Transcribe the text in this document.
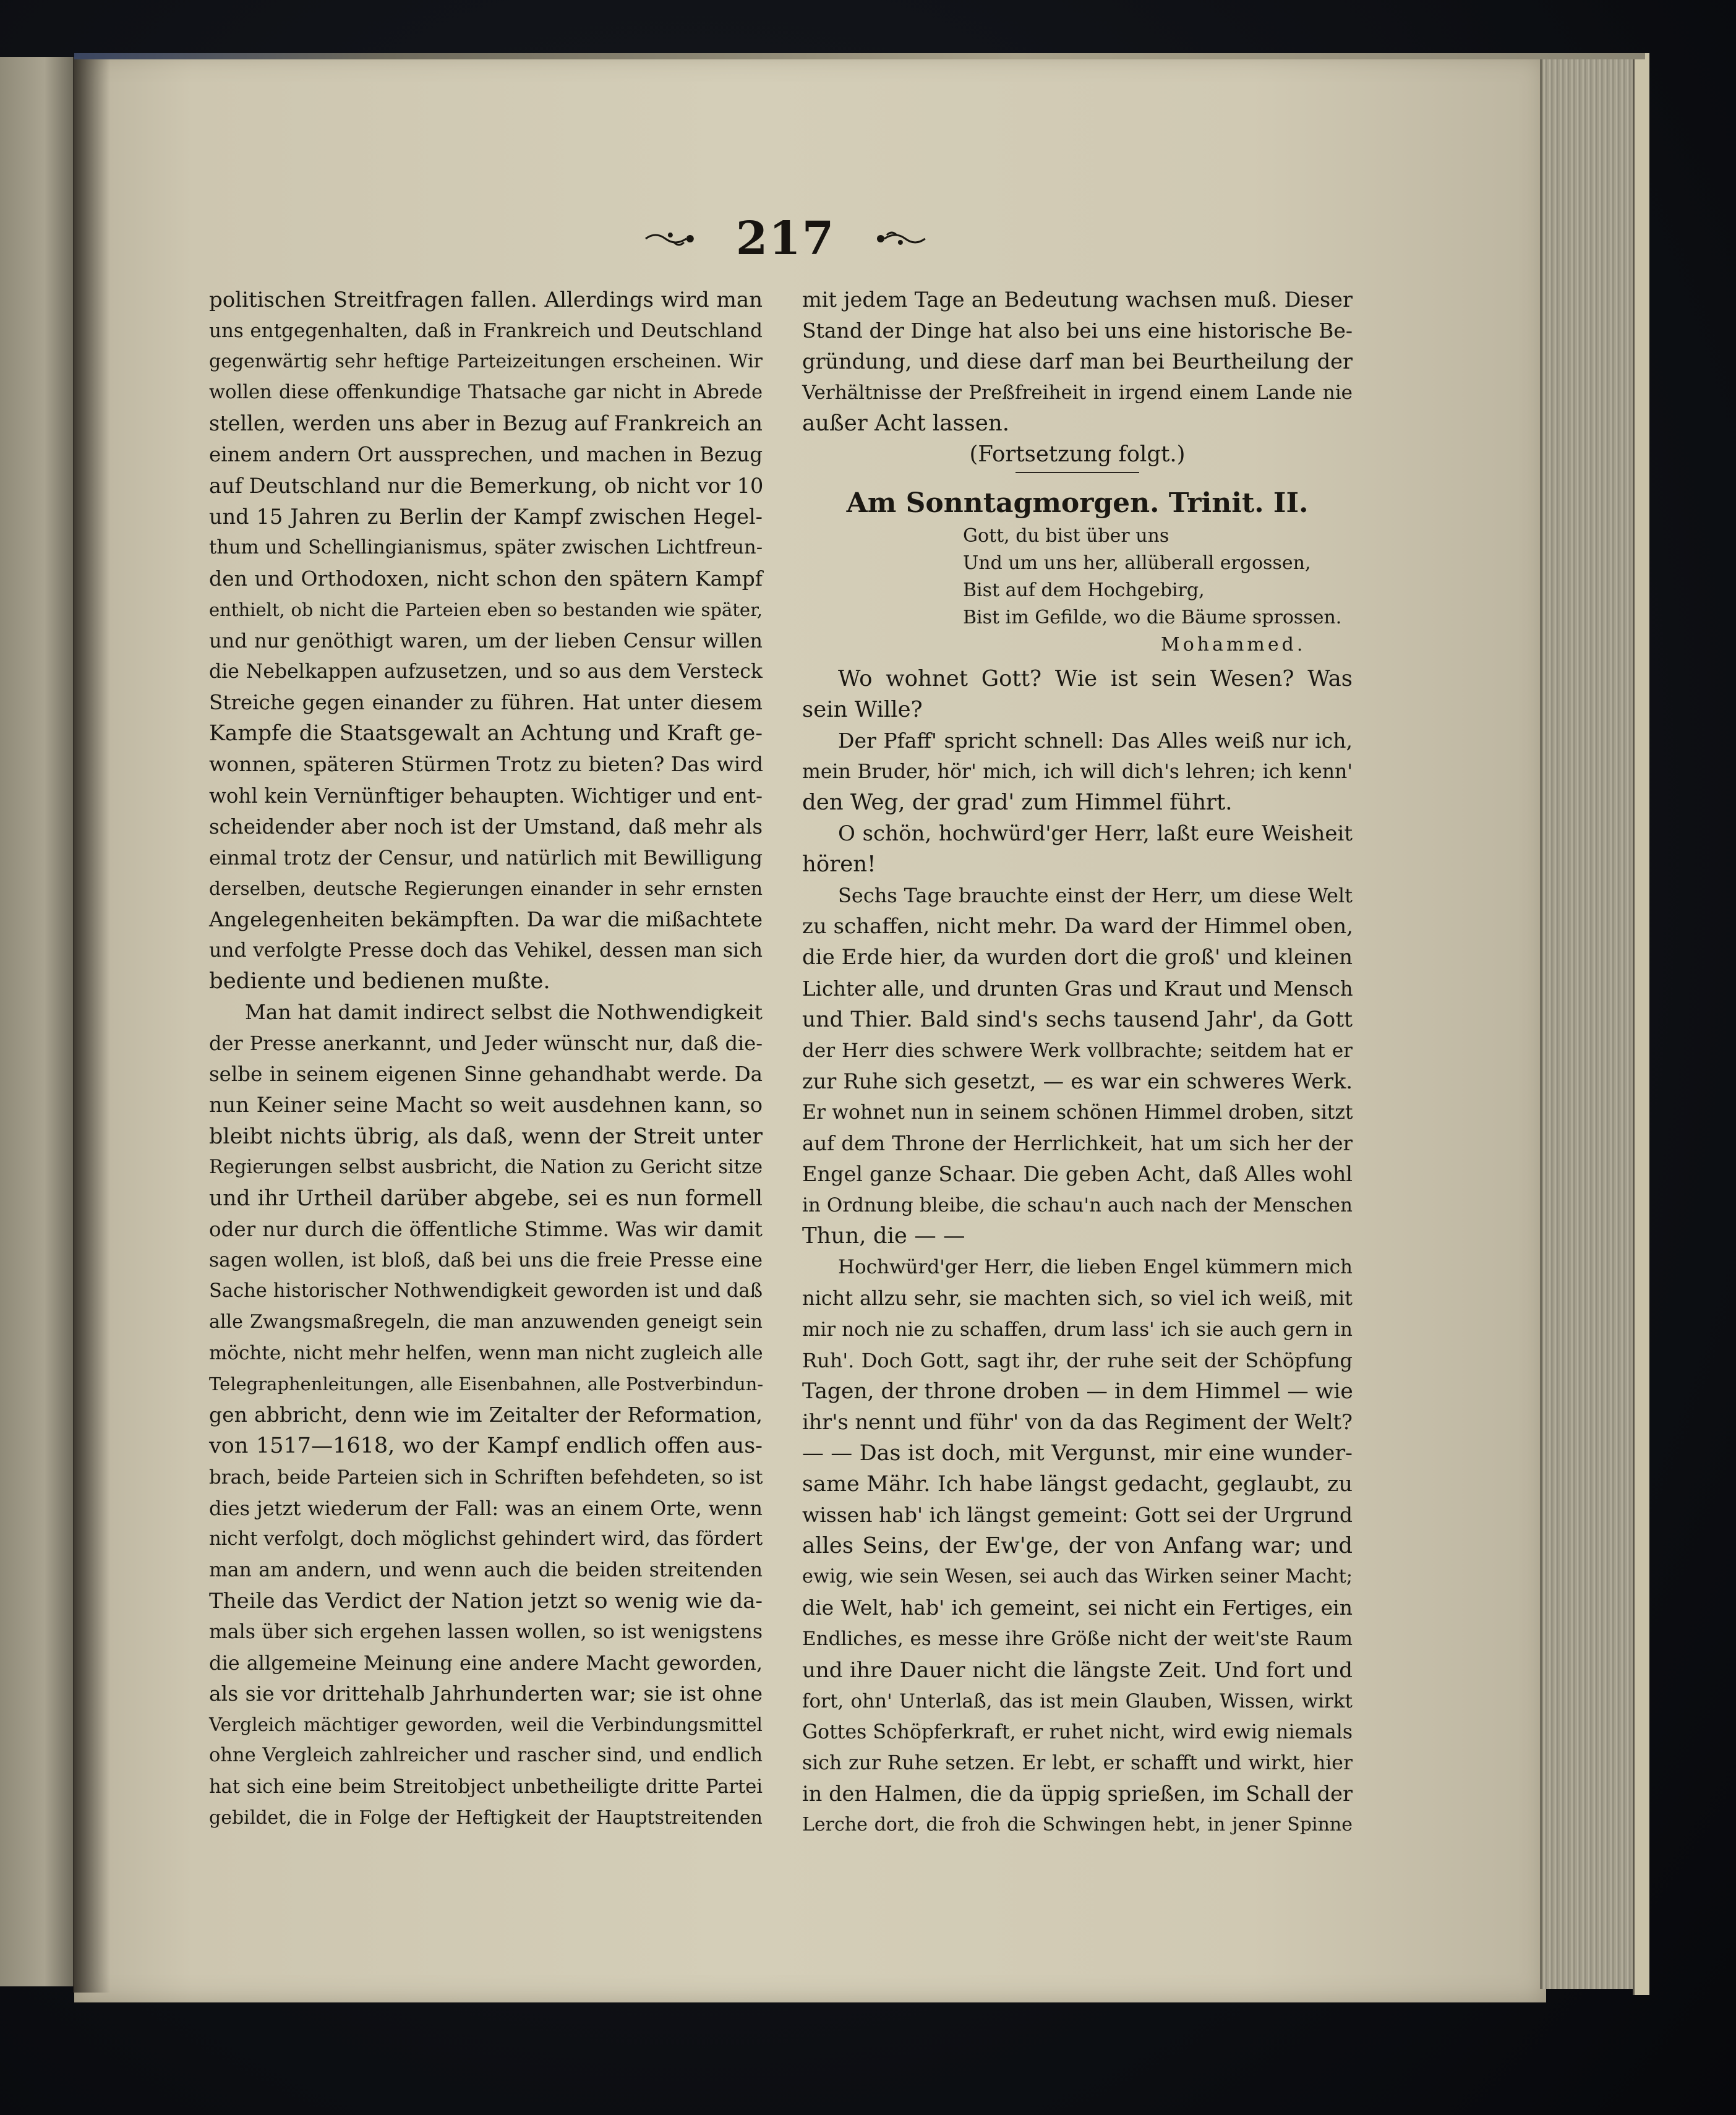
217
politischen Streitfragen fallen. Allerdings wird man
uns entgegenhalten, daß in Frankreich und Deutschland
gegenwärtig sehr heftige Parteizeitungen erscheinen. Wir
wollen diese offenkundige Thatsache gar nicht in Abrede
stellen, werden uns aber in Bezug auf Frankreich an
einem andern Ort aussprechen, und machen in Bezug
auf Deutschland nur die Bemerkung, ob nicht vor 10
und 15 Jahren zu Berlin der Kampf zwischen Hegel-
thum und Schellingianismus, später zwischen Lichtfreun-
den und Orthodoxen, nicht schon den spätern Kampf
enthielt, ob nicht die Parteien eben so bestanden wie später,
und nur genöthigt waren, um der lieben Censur willen
die Nebelkappen aufzusetzen, und so aus dem Versteck
Streiche gegen einander zu führen. Hat unter diesem
Kampfe die Staatsgewalt an Achtung und Kraft ge-
wonnen, späteren Stürmen Trotz zu bieten? Das wird
wohl kein Vernünftiger behaupten. Wichtiger und ent-
scheidender aber noch ist der Umstand, daß mehr als
einmal trotz der Censur, und natürlich mit Bewilligung
derselben, deutsche Regierungen einander in sehr ernsten
Angelegenheiten bekämpften. Da war die mißachtete
und verfolgte Presse doch das Vehikel, dessen man sich
bediente und bedienen mußte.
Man hat damit indirect selbst die Nothwendigkeit
der Presse anerkannt, und Jeder wünscht nur, daß die-
selbe in seinem eigenen Sinne gehandhabt werde. Da
nun Keiner seine Macht so weit ausdehnen kann, so
bleibt nichts übrig, als daß, wenn der Streit unter
Regierungen selbst ausbricht, die Nation zu Gericht sitze
und ihr Urtheil darüber abgebe, sei es nun formell
oder nur durch die öffentliche Stimme. Was wir damit
sagen wollen, ist bloß, daß bei uns die freie Presse eine
Sache historischer Nothwendigkeit geworden ist und daß
alle Zwangsmaßregeln, die man anzuwenden geneigt sein
möchte, nicht mehr helfen, wenn man nicht zugleich alle
Telegraphenleitungen, alle Eisenbahnen, alle Postverbindun-
gen abbricht, denn wie im Zeitalter der Reformation,
von 1517—1618, wo der Kampf endlich offen aus-
brach, beide Parteien sich in Schriften befehdeten, so ist
dies jetzt wiederum der Fall: was an einem Orte, wenn
nicht verfolgt, doch möglichst gehindert wird, das fördert
man am andern, und wenn auch die beiden streitenden
Theile das Verdict der Nation jetzt so wenig wie da-
mals über sich ergehen lassen wollen, so ist wenigstens
die allgemeine Meinung eine andere Macht geworden,
als sie vor drittehalb Jahrhunderten war; sie ist ohne
Vergleich mächtiger geworden, weil die Verbindungsmittel
ohne Vergleich zahlreicher und rascher sind, und endlich
hat sich eine beim Streitobject unbetheiligte dritte Partei
gebildet, die in Folge der Heftigkeit der Hauptstreitenden
mit jedem Tage an Bedeutung wachsen muß. Dieser
Stand der Dinge hat also bei uns eine historische Be-
gründung, und diese darf man bei Beurtheilung der
Verhältnisse der Preßfreiheit in irgend einem Lande nie
außer Acht lassen.
(Fortsetzung folgt.)
Am Sonntagmorgen. Trinit. II.
Gott, du bist über uns
Und um uns her, allüberall ergossen,
Bist auf dem Hochgebirg,
Bist im Gefilde, wo die Bäume sprossen.
Mohammed.
Wo wohnet Gott? Wie ist sein Wesen? Was
sein Wille?
Der Pfaff' spricht schnell: Das Alles weiß nur ich,
mein Bruder, hör' mich, ich will dich's lehren; ich kenn'
den Weg, der grad' zum Himmel führt.
O schön, hochwürd'ger Herr, laßt eure Weisheit
hören!
Sechs Tage brauchte einst der Herr, um diese Welt
zu schaffen, nicht mehr. Da ward der Himmel oben,
die Erde hier, da wurden dort die groß' und kleinen
Lichter alle, und drunten Gras und Kraut und Mensch
und Thier. Bald sind's sechs tausend Jahr', da Gott
der Herr dies schwere Werk vollbrachte; seitdem hat er
zur Ruhe sich gesetzt, — es war ein schweres Werk.
Er wohnet nun in seinem schönen Himmel droben, sitzt
auf dem Throne der Herrlichkeit, hat um sich her der
Engel ganze Schaar. Die geben Acht, daß Alles wohl
in Ordnung bleibe, die schau'n auch nach der Menschen
Thun, die — —
Hochwürd'ger Herr, die lieben Engel kümmern mich
nicht allzu sehr, sie machten sich, so viel ich weiß, mit
mir noch nie zu schaffen, drum lass' ich sie auch gern in
Ruh'. Doch Gott, sagt ihr, der ruhe seit der Schöpfung
Tagen, der throne droben — in dem Himmel — wie
ihr's nennt und führ' von da das Regiment der Welt?
— — Das ist doch, mit Vergunst, mir eine wunder-
same Mähr. Ich habe längst gedacht, geglaubt, zu
wissen hab' ich längst gemeint: Gott sei der Urgrund
alles Seins, der Ew'ge, der von Anfang war; und
ewig, wie sein Wesen, sei auch das Wirken seiner Macht;
die Welt, hab' ich gemeint, sei nicht ein Fertiges, ein
Endliches, es messe ihre Größe nicht der weit'ste Raum
und ihre Dauer nicht die längste Zeit. Und fort und
fort, ohn' Unterlaß, das ist mein Glauben, Wissen, wirkt
Gottes Schöpferkraft, er ruhet nicht, wird ewig niemals
sich zur Ruhe setzen. Er lebt, er schafft und wirkt, hier
in den Halmen, die da üppig sprießen, im Schall der
Lerche dort, die froh die Schwingen hebt, in jener Spinne
